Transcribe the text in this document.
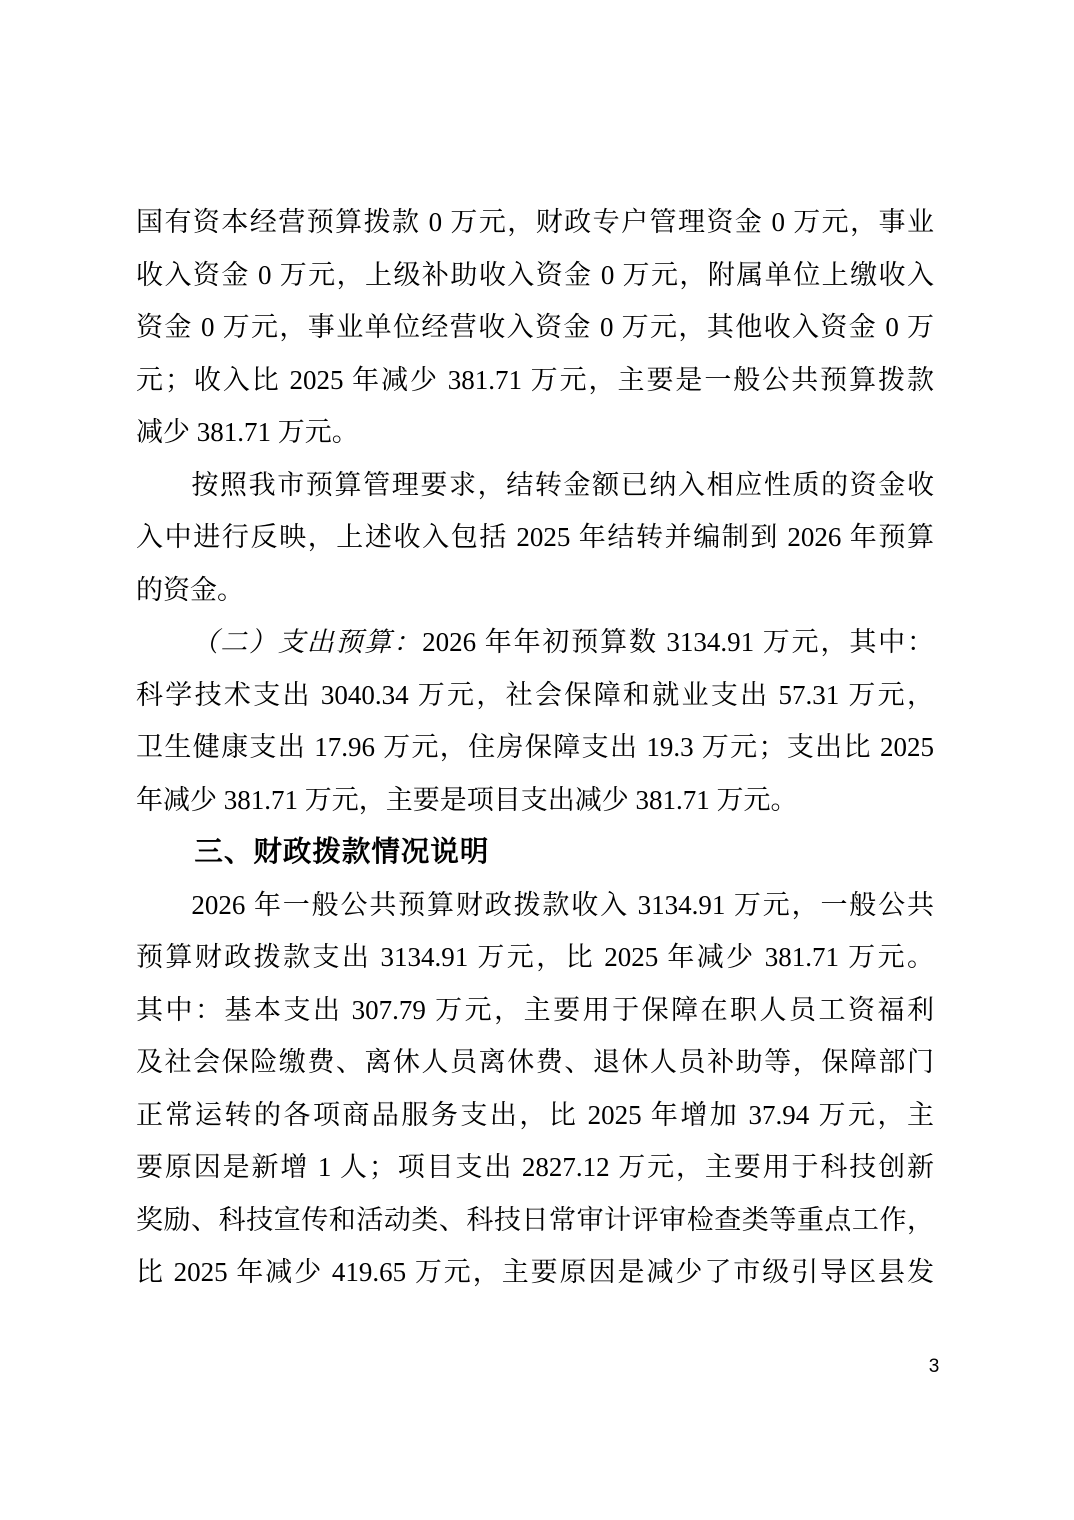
国有资本经营预算拨款 0 万元，财政专户管理资金 0 万元，事业
收入资金 0 万元，上级补助收入资金 0 万元，附属单位上缴收入
资金 0 万元，事业单位经营收入资金 0 万元，其他收入资金 0 万
元；收入比 2025 年减少 381.71 万元，主要是一般公共预算拨款
减少 381.71 万元。
按照我市预算管理要求，结转金额已纳入相应性质的资金收
入中进行反映，上述收入包括 2025 年结转并编制到 2026 年预算
的资金。
（二）支出预算：2026 年年初预算数 3134.91 万元，其中：
科学技术支出 3040.34 万元，社会保障和就业支出 57.31 万元，
卫生健康支出 17.96 万元，住房保障支出 19.3 万元；支出比 2025
年减少 381.71 万元，主要是项目支出减少 381.71 万元。
三、财政拨款情况说明
2026 年一般公共预算财政拨款收入 3134.91 万元，一般公共
预算财政拨款支出 3134.91 万元，比 2025 年减少 381.71 万元。
其中：基本支出 307.79 万元，主要用于保障在职人员工资福利
及社会保险缴费、离休人员离休费、退休人员补助等，保障部门
正常运转的各项商品服务支出，比 2025 年增加 37.94 万元，主
要原因是新增 1 人；项目支出 2827.12 万元，主要用于科技创新
奖励、科技宣传和活动类、科技日常审计评审检查类等重点工作，
比 2025 年减少 419.65 万元，主要原因是减少了市级引导区县发
3
